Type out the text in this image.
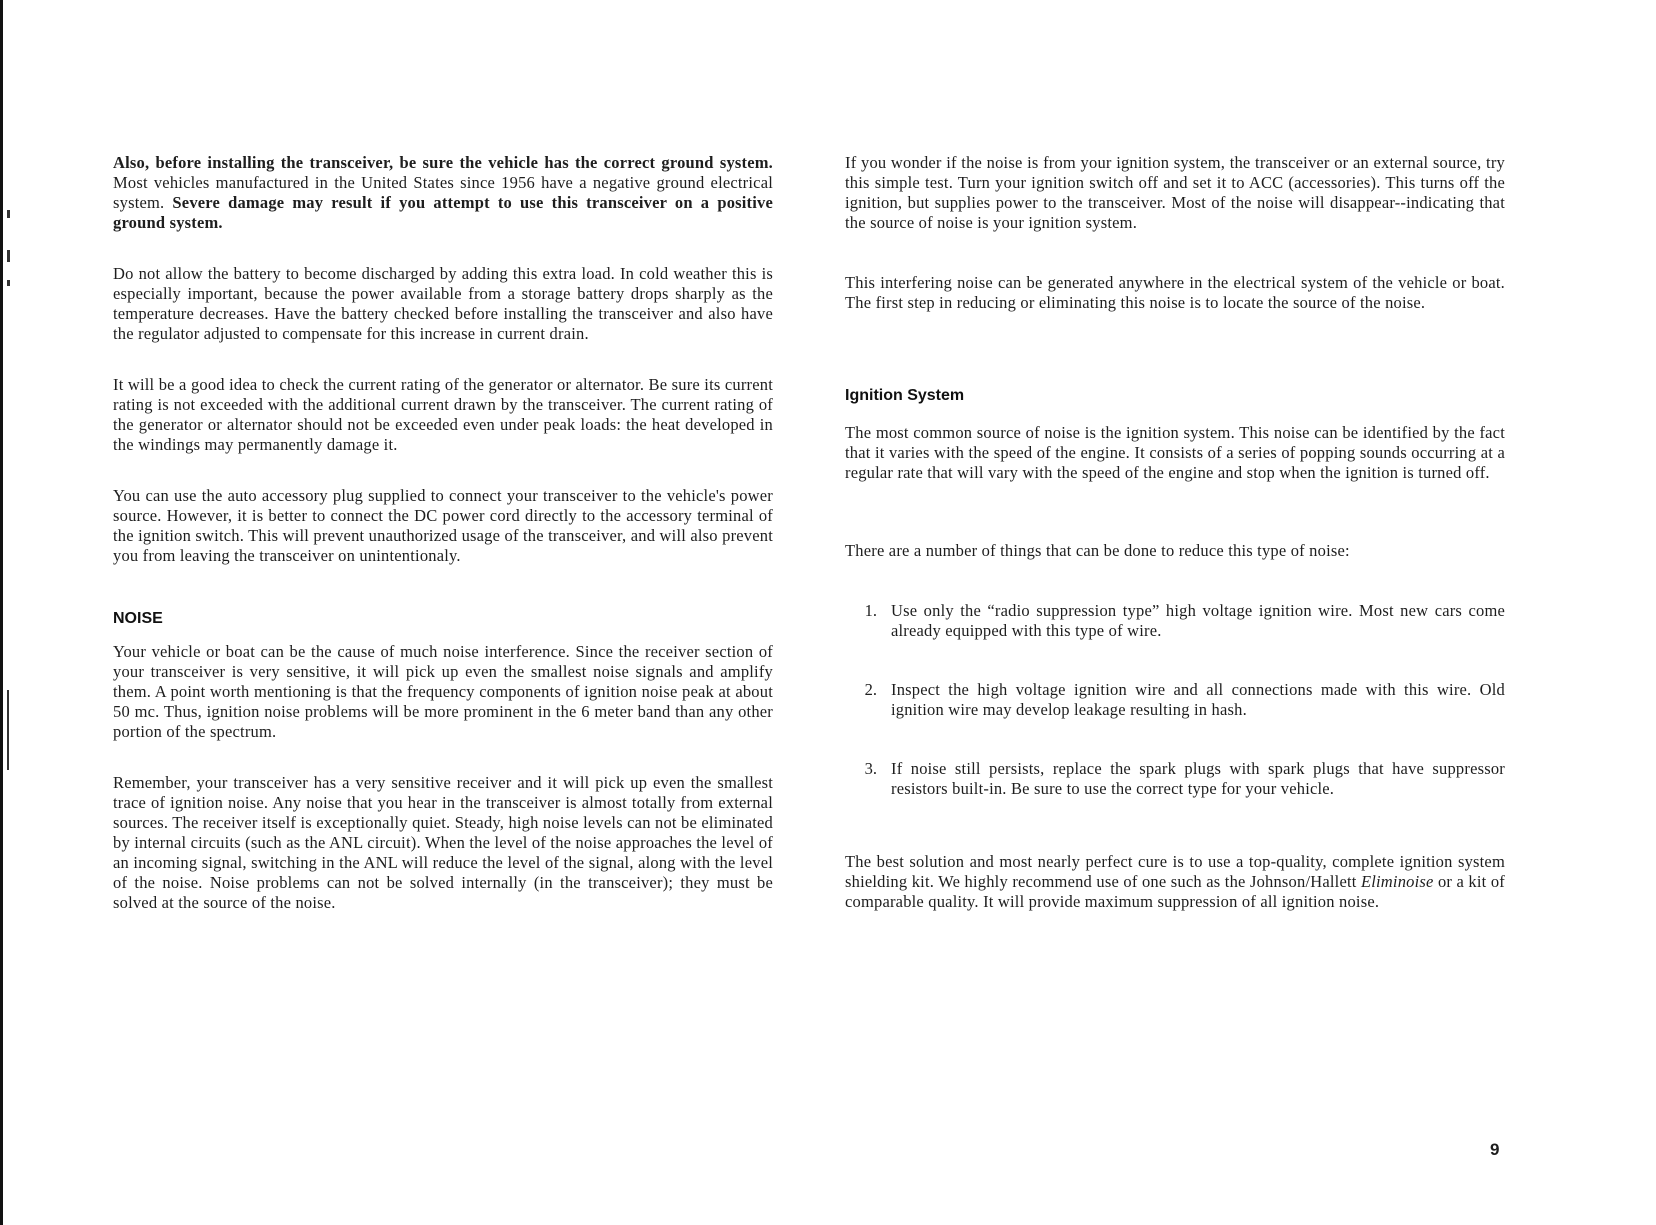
Also, before installing the transceiver, be sure the vehicle has the correct ground system. Most vehicles manufactured in the United States since 1956 have a negative ground electrical system. Severe damage may result if you attempt to use this transceiver on a positive ground system.

Do not allow the battery to become discharged by adding this extra load. In cold weather this is especially important, because the power available from a storage battery drops sharply as the temperature decreases. Have the battery checked before installing the transceiver and also have the regulator adjusted to compensate for this increase in current drain.

It will be a good idea to check the current rating of the generator or alternator. Be sure its current rating is not exceeded with the additional current drawn by the transceiver. The current rating of the generator or alternator should not be exceeded even under peak loads: the heat developed in the windings may permanently damage it.

You can use the auto accessory plug supplied to connect your transceiver to the vehicle's power source. However, it is better to connect the DC power cord directly to the accessory terminal of the ignition switch. This will prevent unauthorized usage of the transceiver, and will also prevent you from leaving the transceiver on unintentionaly.

NOISE

Your vehicle or boat can be the cause of much noise interference. Since the receiver section of your transceiver is very sensitive, it will pick up even the smallest noise signals and amplify them. A point worth mentioning is that the frequency components of ignition noise peak at about 50 mc. Thus, ignition noise problems will be more prominent in the 6 meter band than any other portion of the spectrum.

Remember, your transceiver has a very sensitive receiver and it will pick up even the smallest trace of ignition noise. Any noise that you hear in the transceiver is almost totally from external sources. The receiver itself is exceptionally quiet. Steady, high noise levels can not be eliminated by internal circuits (such as the ANL circuit). When the level of the noise approaches the level of an incoming signal, switching in the ANL will reduce the level of the signal, along with the level of the noise. Noise problems can not be solved internally (in the transceiver); they must be solved at the source of the noise.

If you wonder if the noise is from your ignition system, the transceiver or an external source, try this simple test. Turn your ignition switch off and set it to ACC (accessories). This turns off the ignition, but supplies power to the transceiver. Most of the noise will disappear--indicating that the source of noise is your ignition system.

This interfering noise can be generated anywhere in the electrical system of the vehicle or boat. The first step in reducing or eliminating this noise is to locate the source of the noise.

Ignition System

The most common source of noise is the ignition system. This noise can be identified by the fact that it varies with the speed of the engine. It consists of a series of popping sounds occurring at a regular rate that will vary with the speed of the engine and stop when the ignition is turned off.

There are a number of things that can be done to reduce this type of noise:

1. Use only the “radio suppression type” high voltage ignition wire. Most new cars come already equipped with this type of wire.
2. Inspect the high voltage ignition wire and all connections made with this wire. Old ignition wire may develop leakage resulting in hash.
3. If noise still persists, replace the spark plugs with spark plugs that have suppressor resistors built-in. Be sure to use the correct type for your vehicle.

The best solution and most nearly perfect cure is to use a top-quality, complete ignition system shielding kit. We highly recommend use of one such as the Johnson/Hallett Eliminoise or a kit of comparable quality. It will provide maximum suppression of all ignition noise.

9
